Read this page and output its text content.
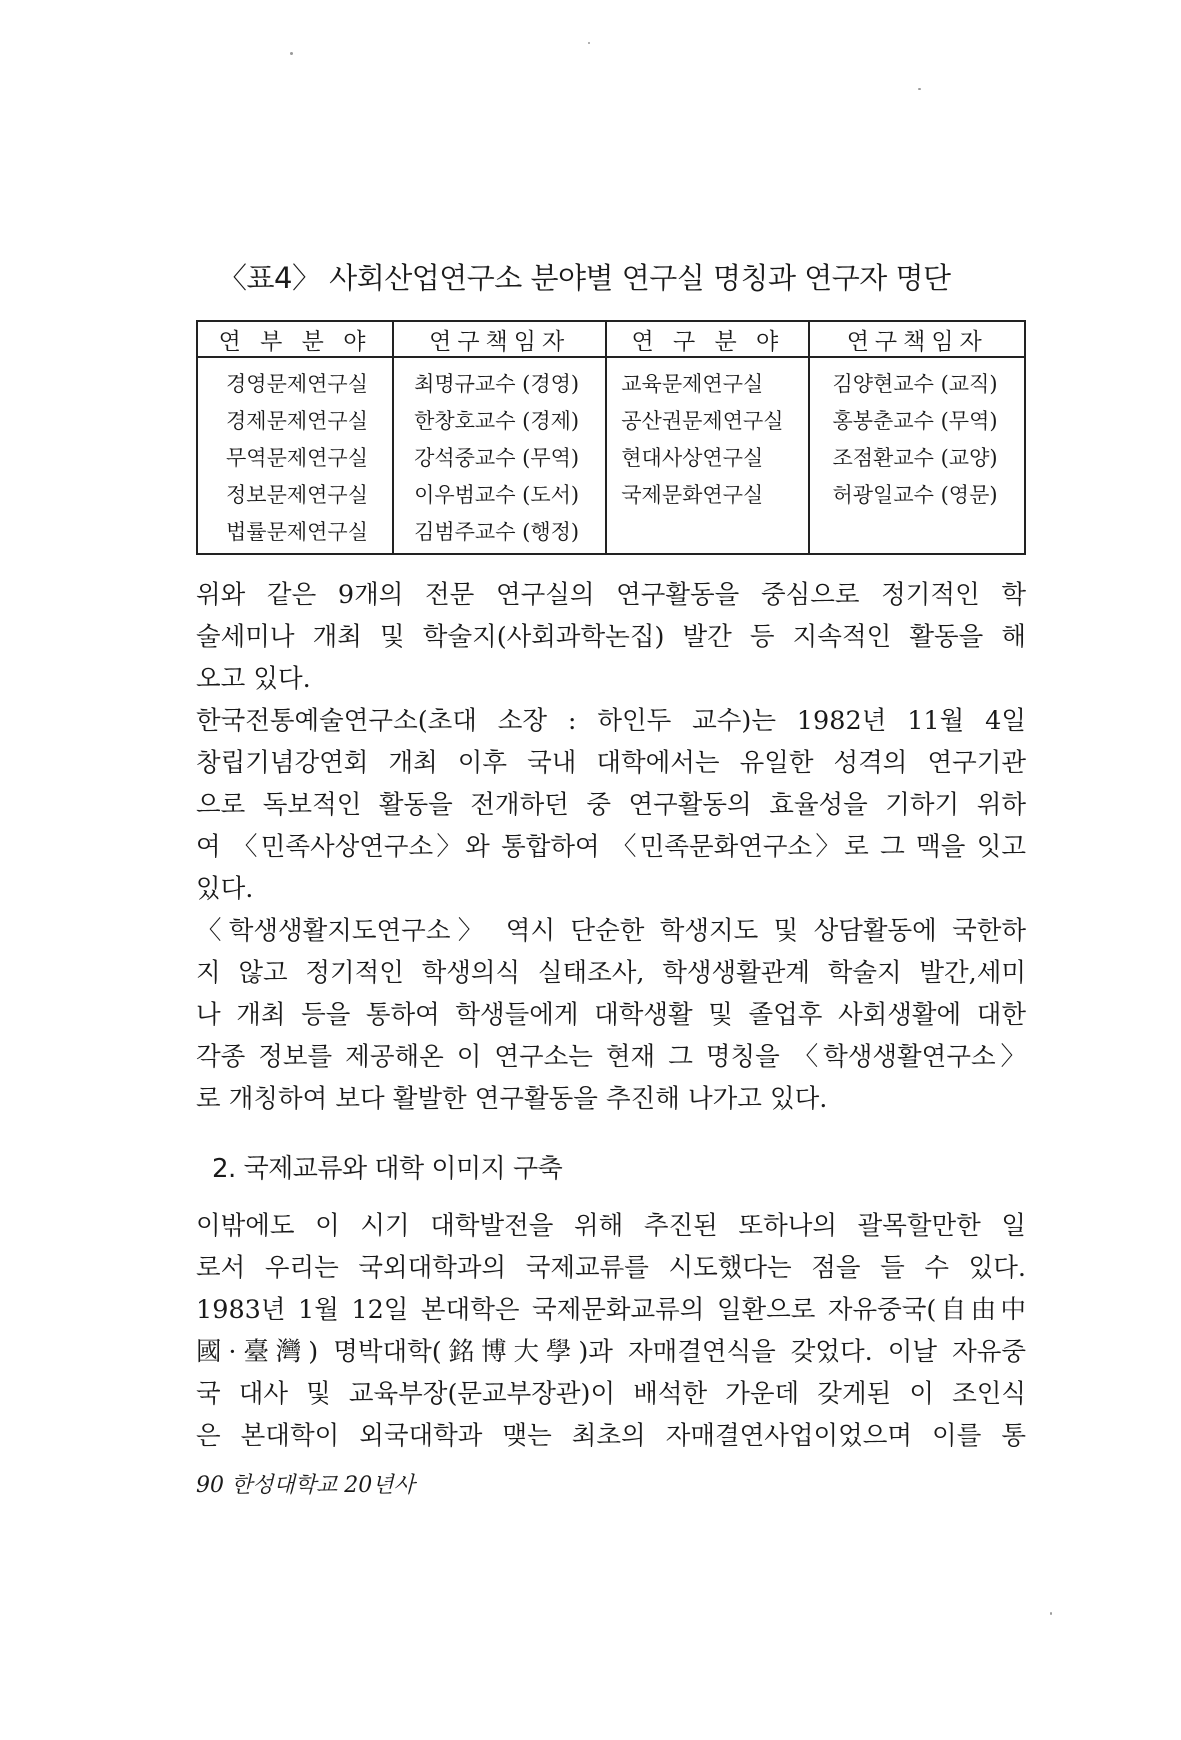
〈표4〉 사회산업연구소 분야별 연구실 명칭과 연구자 명단
연 부 분 야	연구책임자	연 구 분 야	연구책임자
경영문제연구실	최명규교수 (경영)	교육문제연구실	김양현교수 (교직)
경제문제연구실	한창호교수 (경제)	공산권문제연구실	홍봉춘교수 (무역)
무역문제연구실	강석중교수 (무역)	현대사상연구실	조점환교수 (교양)
정보문제연구실	이우범교수 (도서)	국제문화연구실	허광일교수 (영문)
법률문제연구실	김범주교수 (행정)		

위와 같은 9개의 전문 연구실의 연구활동을 중심으로 정기적인 학
술세미나 개최 및 학술지(사회과학논집) 발간 등 지속적인 활동을 해
오고 있다.

한국전통예술연구소(초대 소장 : 하인두 교수)는 1982년 11월 4일
창립기념강연회 개최 이후 국내 대학에서는 유일한 성격의 연구기관
으로 독보적인 활동을 전개하던 중 연구활동의 효율성을 기하기 위하
여 〈민족사상연구소〉와 통합하여 〈민족문화연구소〉로 그 맥을 잇고
있다.

〈학생생활지도연구소〉 역시 단순한 학생지도 및 상담활동에 국한하
지 않고 정기적인 학생의식 실태조사, 학생생활관계 학술지 발간,세미
나 개최 등을 통하여 학생들에게 대학생활 및 졸업후 사회생활에 대한
각종 정보를 제공해온 이 연구소는 현재 그 명칭을 〈학생생활연구소〉
로 개칭하여 보다 활발한 연구활동을 추진해 나가고 있다.

2. 국제교류와 대학 이미지 구축

이밖에도 이 시기 대학발전을 위해 추진된 또하나의 괄목할만한 일
로서 우리는 국외대학과의 국제교류를 시도했다는 점을 들 수 있다.
1983년 1월 12일 본대학은 국제문화교류의 일환으로 자유중국(自由中
國·臺灣) 명박대학(銘博大學)과 자매결연식을 갖었다. 이날 자유중
국 대사 및 교육부장(문교부장관)이 배석한 가운데 갖게된 이 조인식
은 본대학이 외국대학과 맺는 최초의 자매결연사업이었으며 이를 통

90 한성대학교 20년사
